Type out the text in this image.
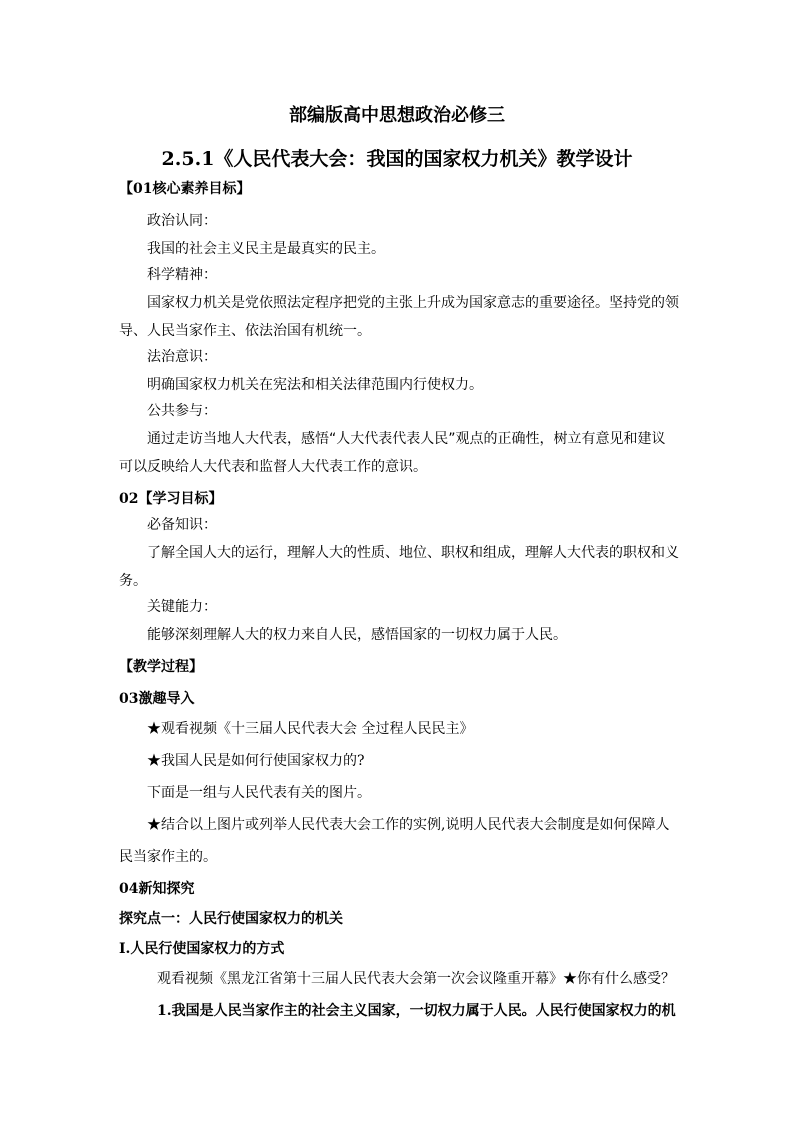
部编版高中思想政治必修三
2.5.1《人民代表大会：我国的国家权力机关》教学设计
【01核心素养目标】
政治认同：
我国的社会主义民主是最真实的民主。
科学精神：
国家权力机关是党依照法定程序把党的主张上升成为国家意志的重要途径。坚持党的领
导、人民当家作主、依法治国有机统一。
法治意识：
明确国家权力机关在宪法和相关法律范围内行使权力。
公共参与：
通过走访当地人大代表，感悟“人大代表代表人民”观点的正确性，树立有意见和建议
可以反映给人大代表和监督人大代表工作的意识。
02【学习目标】
必备知识：
了解全国人大的运行，理解人大的性质、地位、职权和组成，理解人大代表的职权和义
务。
关键能力：
能够深刻理解人大的权力来自人民，感悟国家的一切权力属于人民。
【教学过程】
03激趣导入
★观看视频《十三届人民代表大会 全过程人民民主》
★我国人民是如何行使国家权力的?
下面是一组与人民代表有关的图片。
★结合以上图片或列举人民代表大会工作的实例,说明人民代表大会制度是如何保障人
民当家作主的。
04新知探究
探究点一：人民行使国家权力的机关
Ⅰ.人民行使国家权力的方式
观看视频《黑龙江省第十三届人民代表大会第一次会议隆重开幕》★你有什么感受？
1.我国是人民当家作主的社会主义国家，一切权力属于人民。人民行使国家权力的机
